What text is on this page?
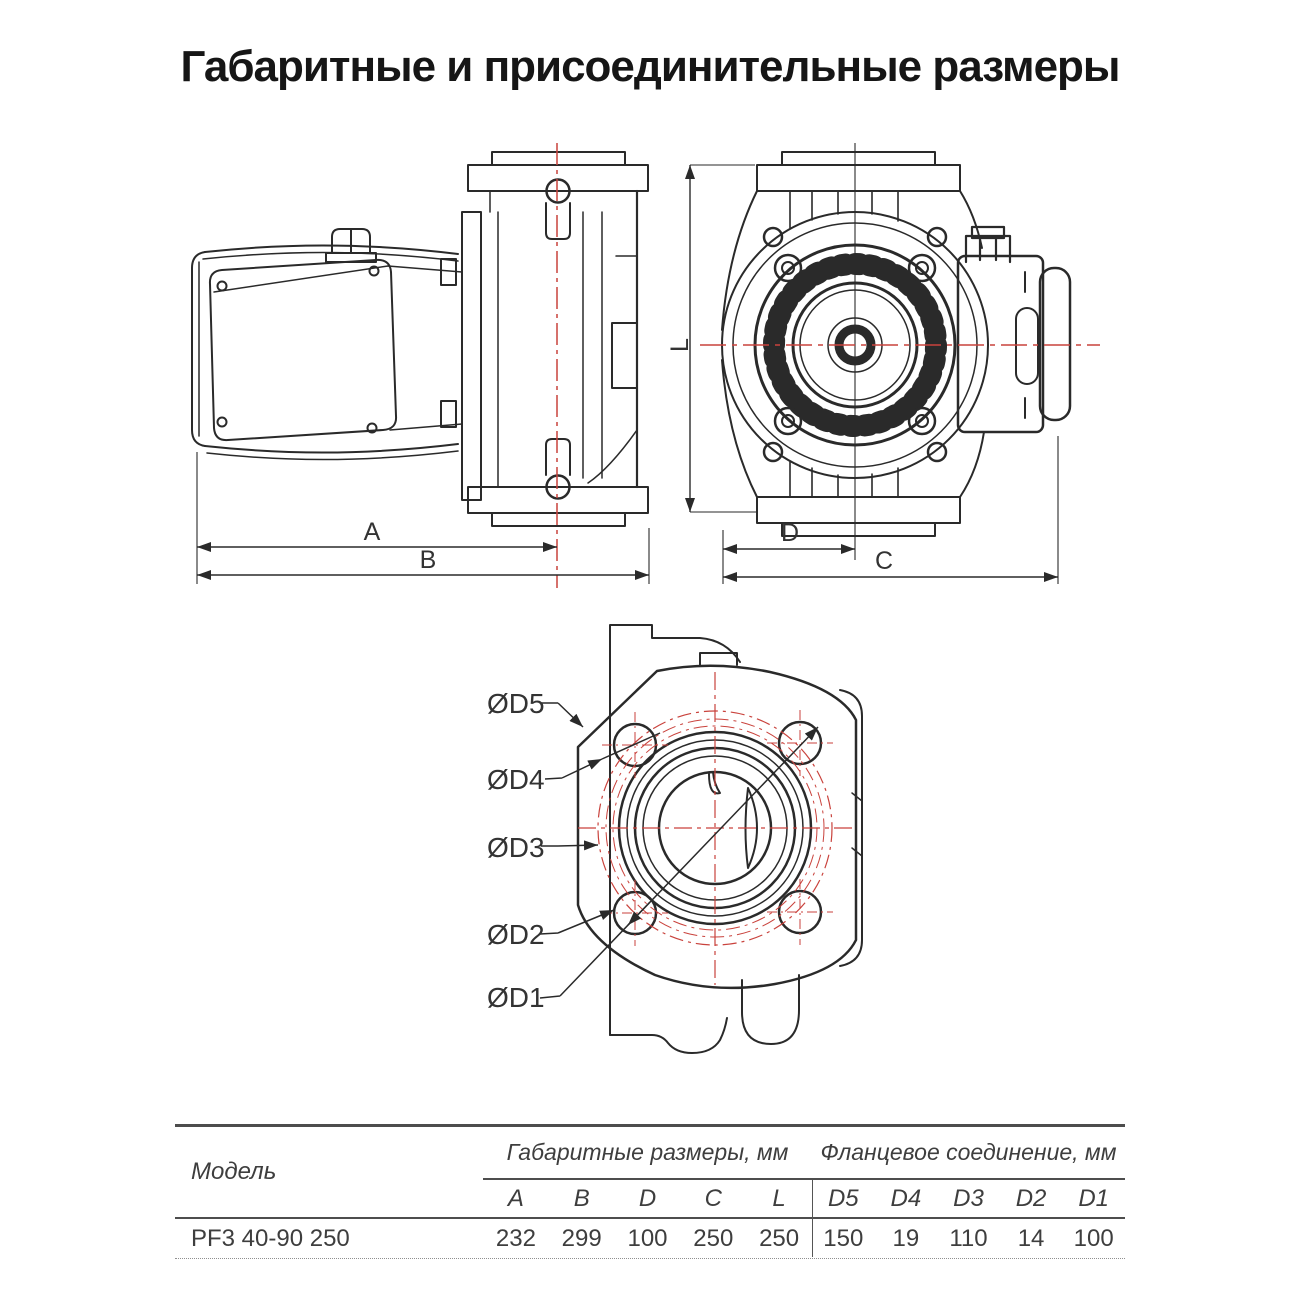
Габаритные и присоединительные размеры
A
B
L
D
C
ØD5
ØD4
ØD3
ØD2
ØD1
Модель
Габаритные размеры, мм	Фланцевое соединение, мм
A	B	D	C	L	D5	D4	D3	D2	D1
PF3 40-90 250	232	299	100	250	250	150	19	110	14	100
